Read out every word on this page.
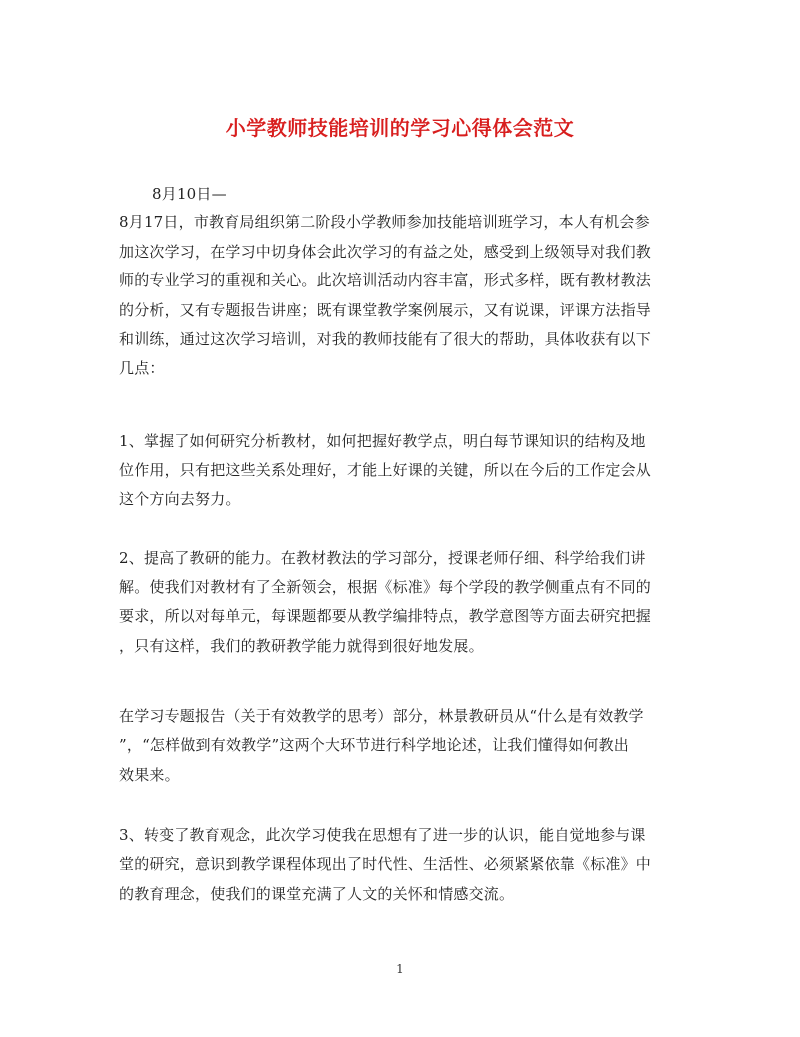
小学教师技能培训的学习心得体会范文
8月10日—
8月17日，市教育局组织第二阶段小学教师参加技能培训班学习，本人有机会参
加这次学习，在学习中切身体会此次学习的有益之处，感受到上级领导对我们教
师的专业学习的重视和关心。此次培训活动内容丰富，形式多样，既有教材教法
的分析，又有专题报告讲座；既有课堂教学案例展示，又有说课，评课方法指导
和训练，通过这次学习培训，对我的教师技能有了很大的帮助，具体收获有以下
几点：
1、掌握了如何研究分析教材，如何把握好教学点，明白每节课知识的结构及地
位作用，只有把这些关系处理好，才能上好课的关键，所以在今后的工作定会从
这个方向去努力。
2、提高了教研的能力。在教材教法的学习部分，授课老师仔细、科学给我们讲
解。使我们对教材有了全新领会，根据《标准》每个学段的教学侧重点有不同的
要求，所以对每单元，每课题都要从教学编排特点，教学意图等方面去研究把握
，只有这样，我们的教研教学能力就得到很好地发展。
在学习专题报告（关于有效教学的思考）部分，林景教研员从“什么是有效教学
”，“怎样做到有效教学”这两个大环节进行科学地论述，让我们懂得如何教出
效果来。
3、转变了教育观念，此次学习使我在思想有了进一步的认识，能自觉地参与课
堂的研究，意识到教学课程体现出了时代性、生活性、必须紧紧依靠《标准》中
的教育理念，使我们的课堂充满了人文的关怀和情感交流。
1
